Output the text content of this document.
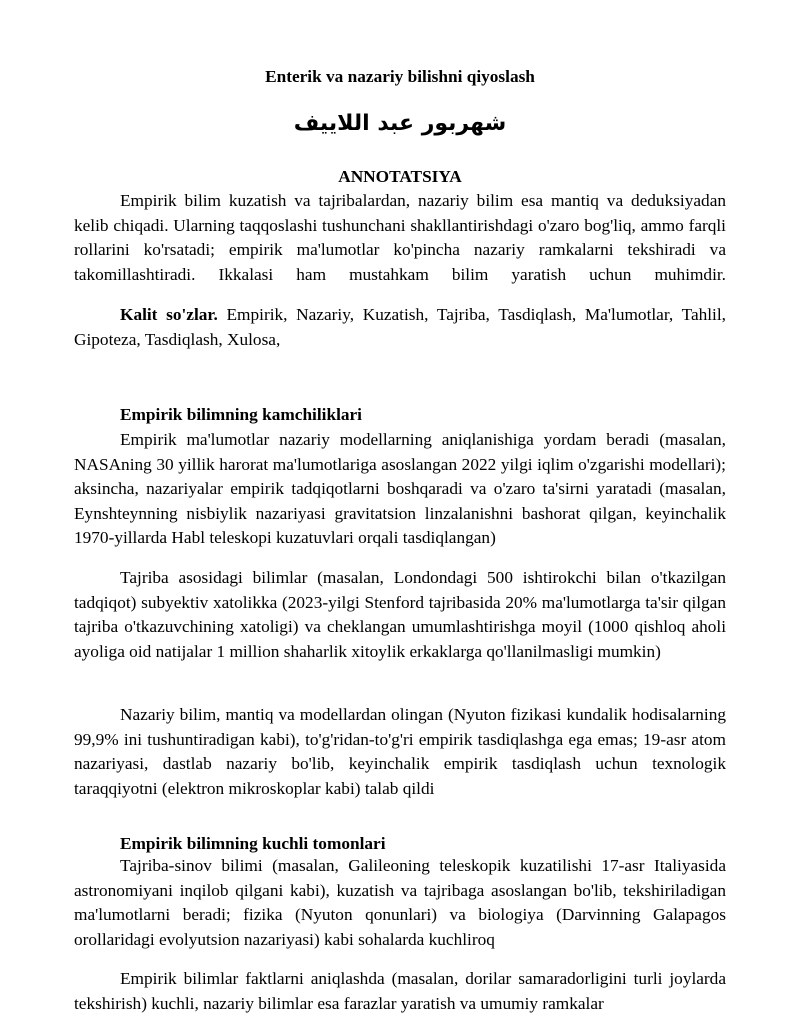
Enterik va nazariy bilishni qiyoslash
شهربور عبد اللايیف
ANNOTATSIYA

Empirik bilim kuzatish va tajribalardan, nazariy bilim esa mantiq va deduksiyadan kelib chiqadi. Ularning taqqoslashi tushunchani shakllantirishdagi o'zaro bog'liq, ammo farqli rollarini ko'rsatadi; empirik ma'lumotlar ko'pincha nazariy ramkalarni tekshiradi va takomillashtiradi. Ikkalasi ham mustahkam bilim yaratish uchun muhimdir.

Kalit so'zlar. Empirik, Nazariy, Kuzatish, Tajriba, Tasdiqlash, Ma'lumotlar, Tahlil, Gipoteza, Tasdiqlash, Xulosa,

Empirik bilimning kamchiliklari

Empirik ma'lumotlar nazariy modellarning aniqlanishiga yordam beradi (masalan, NASAning 30 yillik harorat ma'lumotlariga asoslangan 2022 yilgi iqlim o'zgarishi modellari); aksincha, nazariyalar empirik tadqiqotlarni boshqaradi va o'zaro ta'sirni yaratadi (masalan, Eynshteynning nisbiylik nazariyasi gravitatsion linzalanishni bashorat qilgan, keyinchalik 1970-yillarda Habl teleskopi kuzatuvlari orqali tasdiqlangan)

Tajriba asosidagi bilimlar (masalan, Londondagi 500 ishtirokchi bilan o'tkazilgan tadqiqot) subyektiv xatolikka (2023-yilgi Stenford tajribasida 20% ma'lumotlarga ta'sir qilgan tajriba o'tkazuvchining xatoligi) va cheklangan umumlashtirishga moyil (1000 qishloq aholi ayoliga oid natijalar 1 million shaharlik xitoylik erkaklarga qo'llanilmasligi mumkin)

Nazariy bilim, mantiq va modellardan olingan (Nyuton fizikasi kundalik hodisalarning 99,9% ini tushuntiradigan kabi), to'g'ridan-to'g'ri empirik tasdiqlashga ega emas; 19-asr atom nazariyasi, dastlab nazariy bo'lib, keyinchalik empirik tasdiqlash uchun texnologik taraqqiyotni (elektron mikroskoplar kabi) talab qildi

Empirik bilimning kuchli tomonlari

Tajriba-sinov bilimi (masalan, Galileoning teleskopik kuzatilishi 17-asr Italiyasida astronomiyani inqilob qilgani kabi), kuzatish va tajribaga asoslangan bo'lib, tekshiriladigan ma'lumotlarni beradi; fizika (Nyuton qonunlari) va biologiya (Darvinning Galapagos orollaridagi evolyutsion nazariyasi) kabi sohalarda kuchliroq

Empirik bilimlar faktlarni aniqlashda (masalan, dorilar samaradorligini turli joylarda tekshirish) kuchli, nazariy bilimlar esa farazlar yaratish va umumiy ramkalar
